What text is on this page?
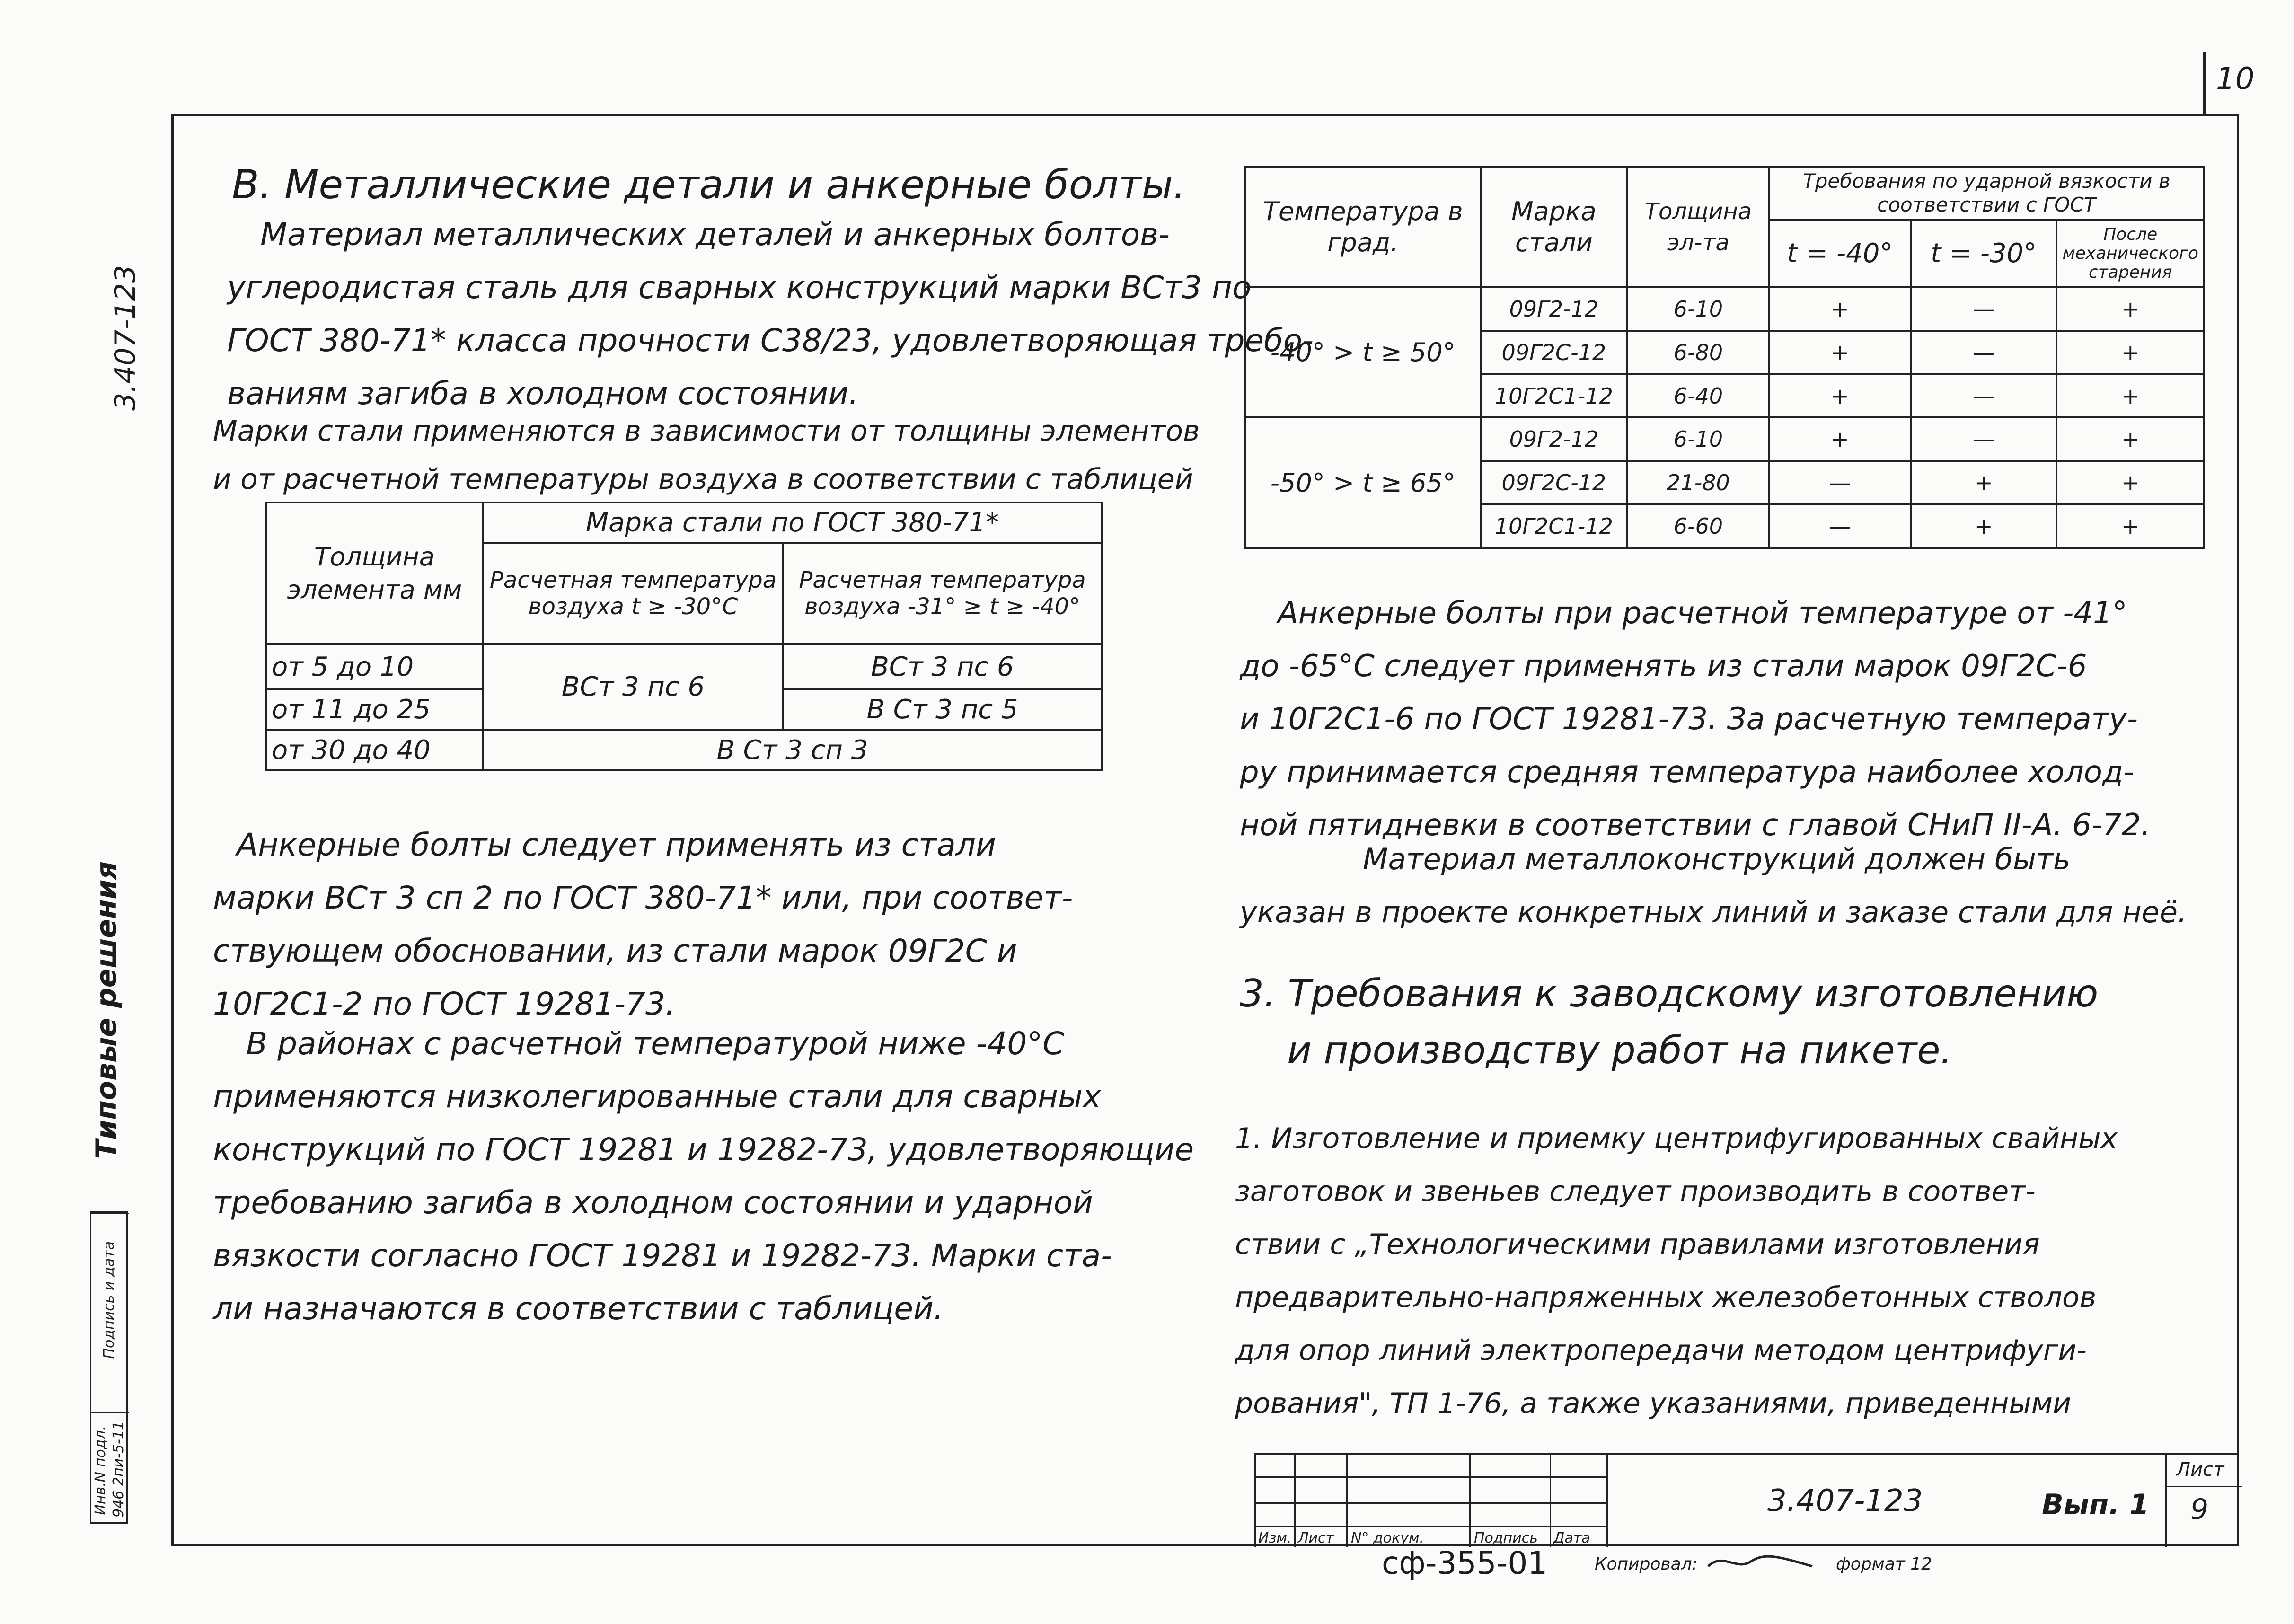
10
3.407-123
Типовые решения
Инв.N подл. 946 2пи-5-11
Подпись и дата
В. Металлические детали и анкерные болты.
Материал металлических деталей и анкерных болтов-
углеродистая сталь для сварных конструкций марки ВСт3 по
ГОСТ 380-71* класса прочности С38/23, удовлетворяющая требо-
ваниям загиба в холодном состоянии.
Марки стали применяются в зависимости от толщины элементов
и от расчетной температуры воздуха в соответствии с таблицей
Толщина элемента мм	Марка стали по ГОСТ 380-71*	
	Расчетная температура воздуха t ≥ -30°С	Расчетная температура воздуха -31° ≥ t ≥ -40°
от 5 до 10	ВСт 3 пс 6	ВСт 3 пс 6
от 11 до 25		В Ст 3 пс 5
от 30 до 40	В Ст 3 сп 3	
Анкерные болты следует применять из стали
марки ВСт 3 сп 2 по ГОСТ 380-71* или, при соответ-
ствующем обосновании, из стали марок 09Г2С и
10Г2С1-2 по ГОСТ 19281-73.
В районах с расчетной температурой ниже -40°С
применяются низколегированные стали для сварных
конструкций по ГОСТ 19281 и 19282-73, удовлетворяющие
требованию загиба в холодном состоянии и ударной
вязкости согласно ГОСТ 19281 и 19282-73. Марки ста-
ли назначаются в соответствии с таблицей.
Температура в град.	Марка стали	Толщина эл-та	Требования по ударной вязкости в соответствии с ГОСТ		
			t = -40°	t = -30°	После механического старения
-40° > t ≥ 50°	09Г2-12	6-10	+	—	+
	09Г2С-12	6-80	+	—	+
	10Г2С1-12	6-40	+	—	+
-50° > t ≥ 65°	09Г2-12	6-10	+	—	+
	09Г2С-12	21-80	—	+	+
	10Г2С1-12	6-60	—	+	+
Анкерные болты при расчетной температуре от -41°
до -65°С следует применять из стали марок 09Г2С-6
и 10Г2С1-6 по ГОСТ 19281-73. За расчетную температу-
ру принимается средняя температура наиболее холод-
ной пятидневки в соответствии с главой СНиП II-А. 6-72.
Материал металлоконструкций должен быть
указан в проекте конкретных линий и заказе стали для неё.
3. Требования к заводскому изготовлению
и производству работ на пикете.
1. Изготовление и приемку центрифугированных свайных
заготовок и звеньев следует производить в соответ-
ствии с „Технологическими правилами изготовления
предварительно-напряженных железобетонных стволов
для опор линий электропередачи методом центрифуги-
рования", ТП 1-76, а также указаниями, приведенными
Изм. Лист N° докум.	Подпись Дата
3.407-123	Вып. 1
Лист
9
сф-355-01	Копировал:	формат 12
